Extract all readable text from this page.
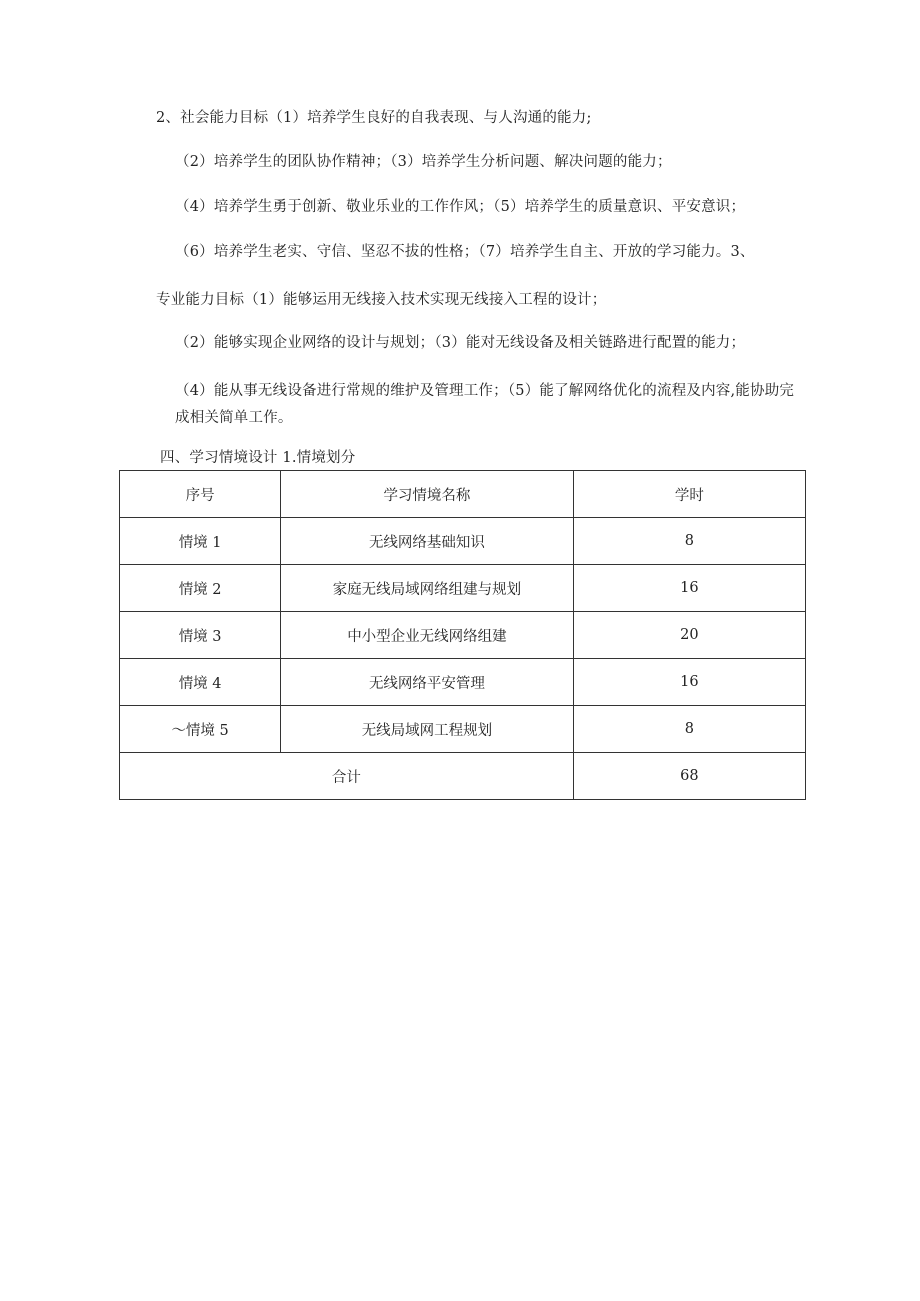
2、社会能力目标（1）培养学生良好的自我表现、与人沟通的能力;
（2）培养学生的团队协作精神；（3）培养学生分析问题、解决问题的能力；
（4）培养学生勇于创新、敬业乐业的工作作风；（5）培养学生的质量意识、平安意识；
（6）培养学生老实、守信、坚忍不拔的性格；（7）培养学生自主、开放的学习能力。3、
专业能力目标（1）能够运用无线接入技术实现无线接入工程的设计；
（2）能够实现企业网络的设计与规划；（3）能对无线设备及相关链路进行配置的能力；
（4）能从事无线设备进行常规的维护及管理工作；（5）能了解网络优化的流程及内容,能协助完成相关简单工作。
四、学习情境设计 1.情境划分
序号	学习情境名称	学时
情境 1	无线网络基础知识	8
情境 2	家庭无线局域网络组建与规划	16
情境 3	中小型企业无线网络组建	20
情境 4	无线网络平安管理	16
～情境 5	无线局域网工程规划	8
合计		68
